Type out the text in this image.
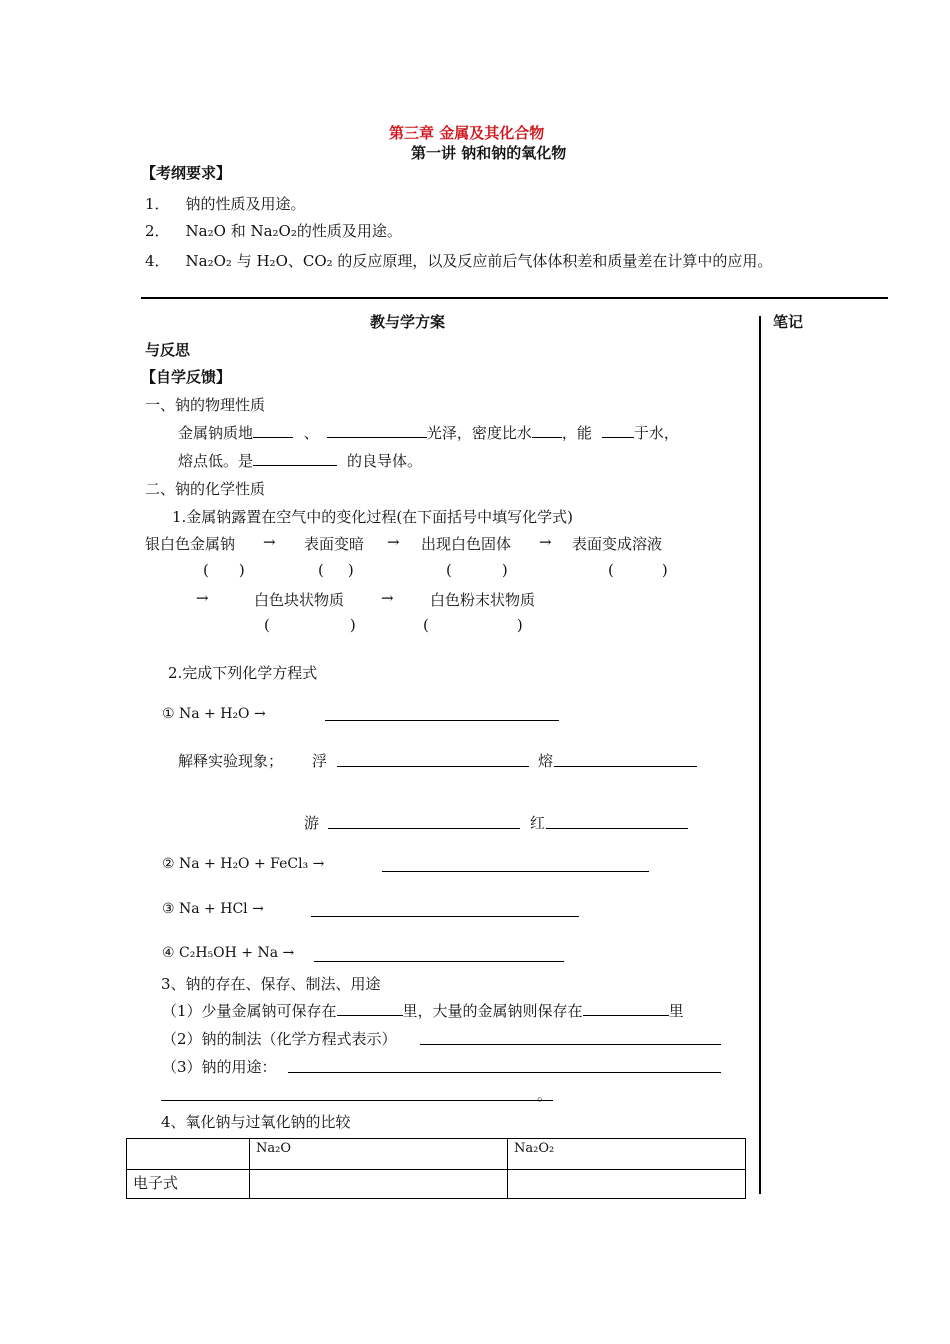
第三章 金属及其化合物
第一讲 钠和钠的氧化物
【考纲要求】
1． 钠的性质及用途。
2． Na₂O 和 Na₂O₂的性质及用途。
4． Na₂O₂ 与 H₂O、CO₂ 的反应原理，以及反应前后气体体积差和质量差在计算中的应用。
教与学方案	笔记
与反思
【自学反馈】
一、钠的物理性质
金属钠质地	、	光泽，密度比水 ，能	于水，
熔点低。是	的良导体。
二、钠的化学性质
1.金属钠露置在空气中的变化过程(在下面括号中填写化学式)
银白色金属钠 → 表面变暗 → 出现白色固体 → 表面变成溶液
( )	( )	(	)	(	)
→	白色块状物质 → 白色粉末状物质
(	)	(	)
2.完成下列化学方程式
① Na + H₂O →
解释实验现象； 浮	熔
游	红
② Na + H₂O + FeCl₃ →
③ Na + HCl →
④ C₂H₅OH + Na →
3、钠的存在、保存、制法、用途
（1）少量金属钠可保存在	里，大量的金属钠则保存在	里
（2）钠的制法（化学方程式表示）
（3）钠的用途：
。
4、氧化钠与过氧化钠的比较
	Na₂O	Na₂O₂
电子式		
